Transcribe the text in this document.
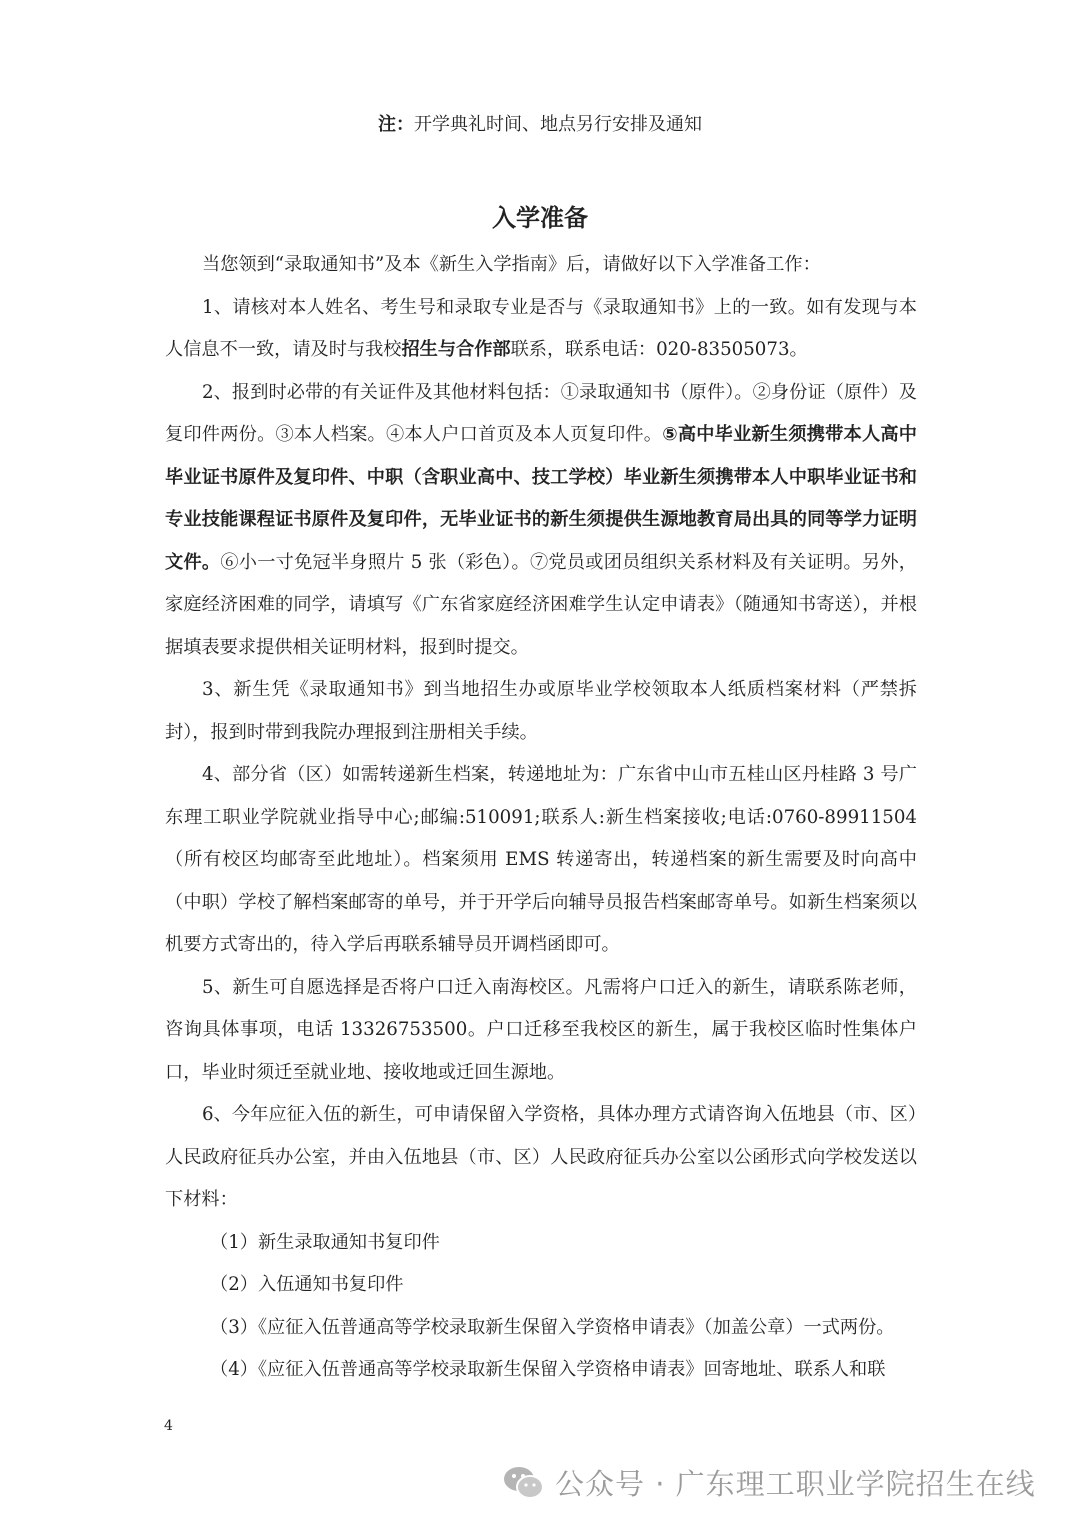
注：开学典礼时间、地点另行安排及通知
入学准备

当您领到“录取通知书”及本《新生入学指南》后，请做好以下入学准备工作：

1、请核对本人姓名、考生号和录取专业是否与《录取通知书》上的一致。如有发现与本人信息不一致，请及时与我校招生与合作部联系，联系电话：020-83505073。

2、报到时必带的有关证件及其他材料包括：①录取通知书（原件）。②身份证（原件）及复印件两份。③本人档案。④本人户口首页及本人页复印件。⑤高中毕业新生须携带本人高中毕业证书原件及复印件、中职（含职业高中、技工学校）毕业新生须携带本人中职毕业证书和专业技能课程证书原件及复印件，无毕业证书的新生须提供生源地教育局出具的同等学力证明文件。⑥小一寸免冠半身照片 5 张（彩色）。⑦党员或团员组织关系材料及有关证明。另外，家庭经济困难的同学，请填写《广东省家庭经济困难学生认定申请表》（随通知书寄送），并根据填表要求提供相关证明材料，报到时提交。

3、新生凭《录取通知书》到当地招生办或原毕业学校领取本人纸质档案材料（严禁拆封），报到时带到我院办理报到注册相关手续。

4、部分省（区）如需转递新生档案，转递地址为：广东省中山市五桂山区丹桂路 3 号广东理工职业学院就业指导中心;邮编:510091;联系人:新生档案接收;电话:0760-89911504（所有校区均邮寄至此地址）。档案须用 EMS 转递寄出，转递档案的新生需要及时向高中（中职）学校了解档案邮寄的单号，并于开学后向辅导员报告档案邮寄单号。如新生档案须以机要方式寄出的，待入学后再联系辅导员开调档函即可。

5、新生可自愿选择是否将户口迁入南海校区。凡需将户口迁入的新生，请联系陈老师，咨询具体事项，电话 13326753500。户口迁移至我校区的新生，属于我校区临时性集体户口，毕业时须迁至就业地、接收地或迁回生源地。

6、今年应征入伍的新生，可申请保留入学资格，具体办理方式请咨询入伍地县（市、区）人民政府征兵办公室，并由入伍地县（市、区）人民政府征兵办公室以公函形式向学校发送以下材料：

（1）新生录取通知书复印件

（2）入伍通知书复印件

（3）《应征入伍普通高等学校录取新生保留入学资格申请表》（加盖公章）一式两份。

（4）《应征入伍普通高等学校录取新生保留入学资格申请表》回寄地址、联系人和联

4
公众号 · 广东理工职业学院招生在线
